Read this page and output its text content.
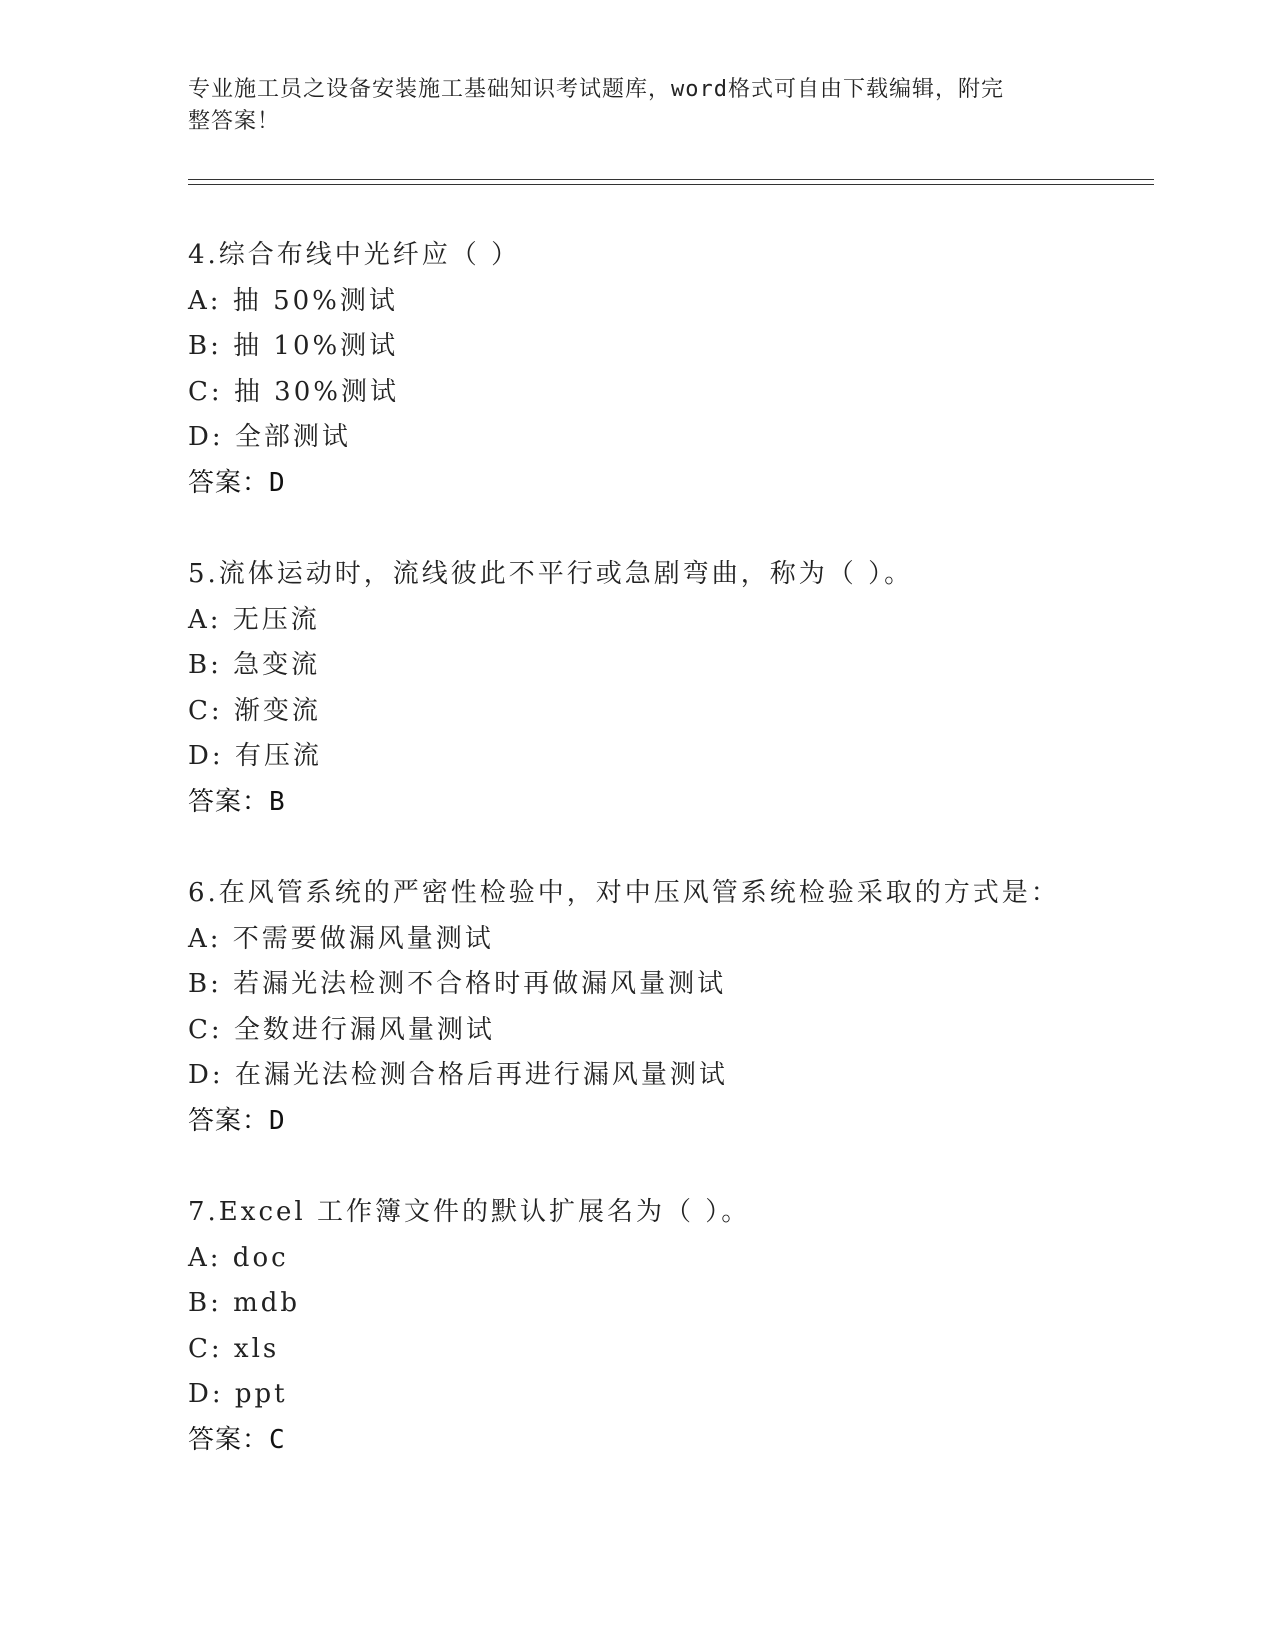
专业施工员之设备安装施工基础知识考试题库，word格式可自由下载编辑，附完
整答案！
4.综合布线中光纤应（ ）
A: 抽 50%测试
B: 抽 10%测试
C: 抽 30%测试
D: 全部测试
答案：D
5.流体运动时，流线彼此不平行或急剧弯曲，称为（ ）。
A: 无压流
B: 急变流
C: 渐变流
D: 有压流
答案：B
6.在风管系统的严密性检验中，对中压风管系统检验采取的方式是：
A: 不需要做漏风量测试
B: 若漏光法检测不合格时再做漏风量测试
C: 全数进行漏风量测试
D: 在漏光法检测合格后再进行漏风量测试
答案：D
7.Excel 工作簿文件的默认扩展名为（ ）。
A: doc
B: mdb
C: xls
D: ppt
答案：C
